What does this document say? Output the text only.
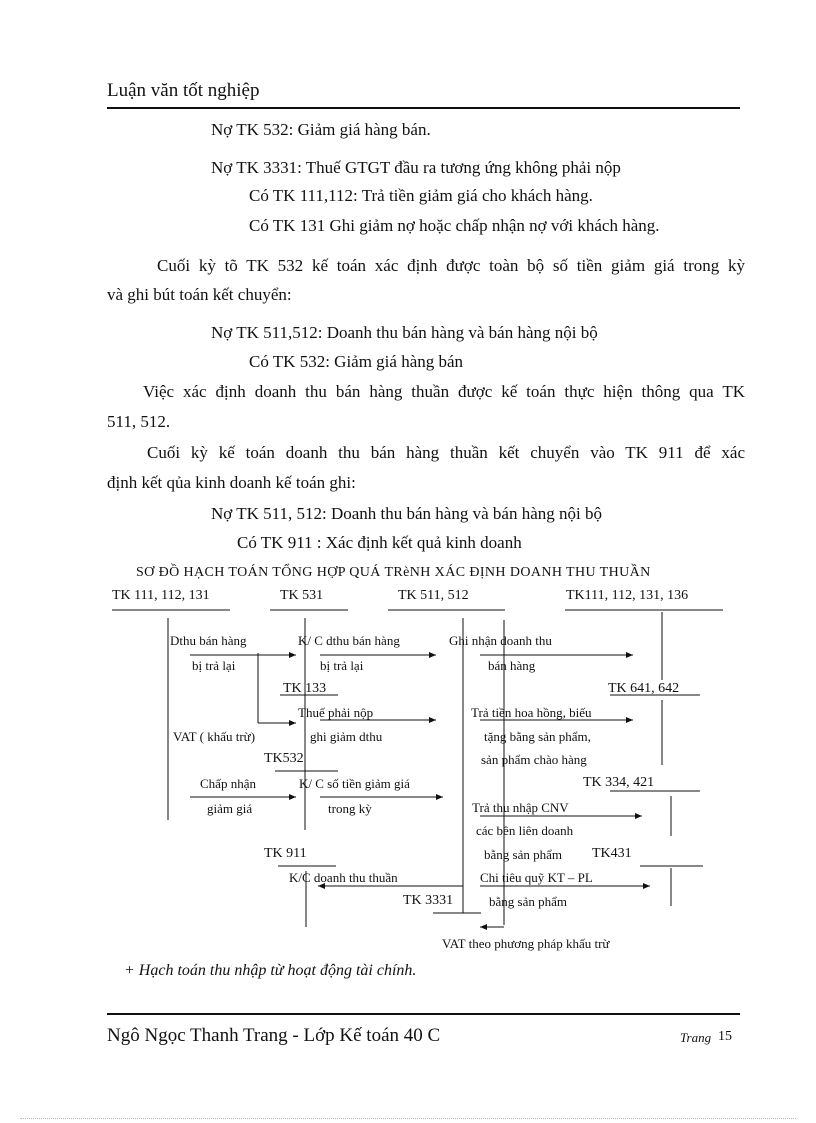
Luận văn tốt nghiệp
Nợ TK 532: Giảm giá hàng bán.
Nợ TK 3331: Thuế GTGT đầu ra tương ứng không phải nộp
Có TK 111,112: Trả tiền giảm giá cho khách hàng.
Có TK 131 Ghi giảm nợ hoặc chấp nhận nợ với khách hàng.
Cuối kỳ tõ TK 532 kế toán xác định được toàn bộ số tiền giảm giá trong kỳ
và ghi bút toán kết chuyển:
Nợ TK 511,512: Doanh thu bán hàng và bán hàng nội bộ
Có TK 532: Giảm giá hàng bán
Việc xác định doanh thu bán hàng thuần được kế toán thực hiện thông qua TK
511, 512.
Cuối kỳ kế toán doanh thu bán hàng thuần kết chuyển vào TK 911 để xác
định kết qủa kinh doanh kế toán ghi:
Nợ TK 511, 512: Doanh thu bán hàng và bán hàng nội bộ
Có TK 911 : Xác định kết quả kinh doanh
SƠ ĐỒ HẠCH TOÁN TỔNG HỢP QUÁ TRèNH XÁC ĐỊNH DOANH THU THUẦN
TK 111, 112, 131	TK 531	TK 511, 512	TK111, 112, 131, 136
TK 133	TK 641, 642
TK532
TK 334, 421
TK 911	TK431
TK 3331
Dthu bán hàng
bị trả lại
K/ C dthu bán hàng
bị trả lại
Ghi nhận doanh thu
bán hàng
Thuế phải nộp
ghi giảm dthu
VAT ( khấu trừ)
Trả tiền hoa hồng, biếu
tặng bằng sản phẩm,
sản phẩm chào hàng
Chấp nhận
giảm giá
K/ C số tiền giảm giá
trong kỳ	Trả thu nhập CNV
các bên liên doanh
bằng sản phẩm
K/C doanh thu thuần	Chi tiêu quỹ KT – PL
bằng sản phẩm
VAT theo phương pháp khấu trừ
+ Hạch toán thu nhập từ hoạt động tài chính.
Ngô Ngọc Thanh Trang - Lớp Kế toán 40 C	Trang 15
